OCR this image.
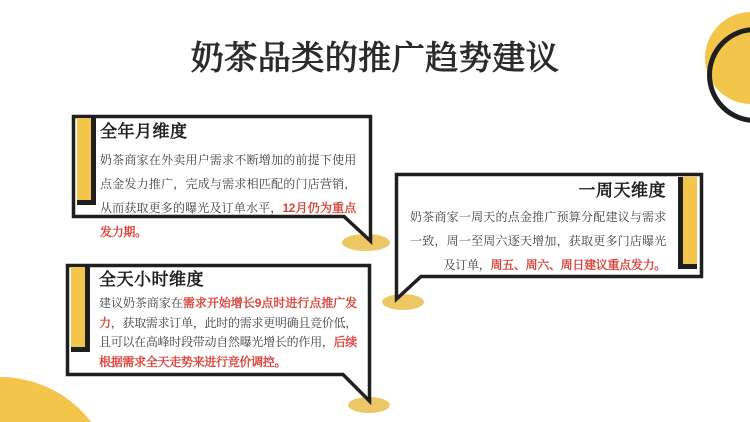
奶茶品类的推广趋势建议
全年月维度

奶茶商家在外卖用户需求不断增加的前提下使用点金发力推广，完成与需求相匹配的门店营销，从而获取更多的曝光及订单水平，12月仍为重点发力期。

一周天维度

奶茶商家一周天的点金推广预算分配建议与需求一致，周一至周六逐天增加，获取更多门店曝光及订单，周五、周六、周日建议重点发力。

全天小时维度

建议奶茶商家在需求开始增长9点时进行点推广发力，获取需求订单，此时的需求更明确且竞价低，且可以在高峰时段带动自然曝光增长的作用，后续根据需求全天走势来进行竞价调控。
